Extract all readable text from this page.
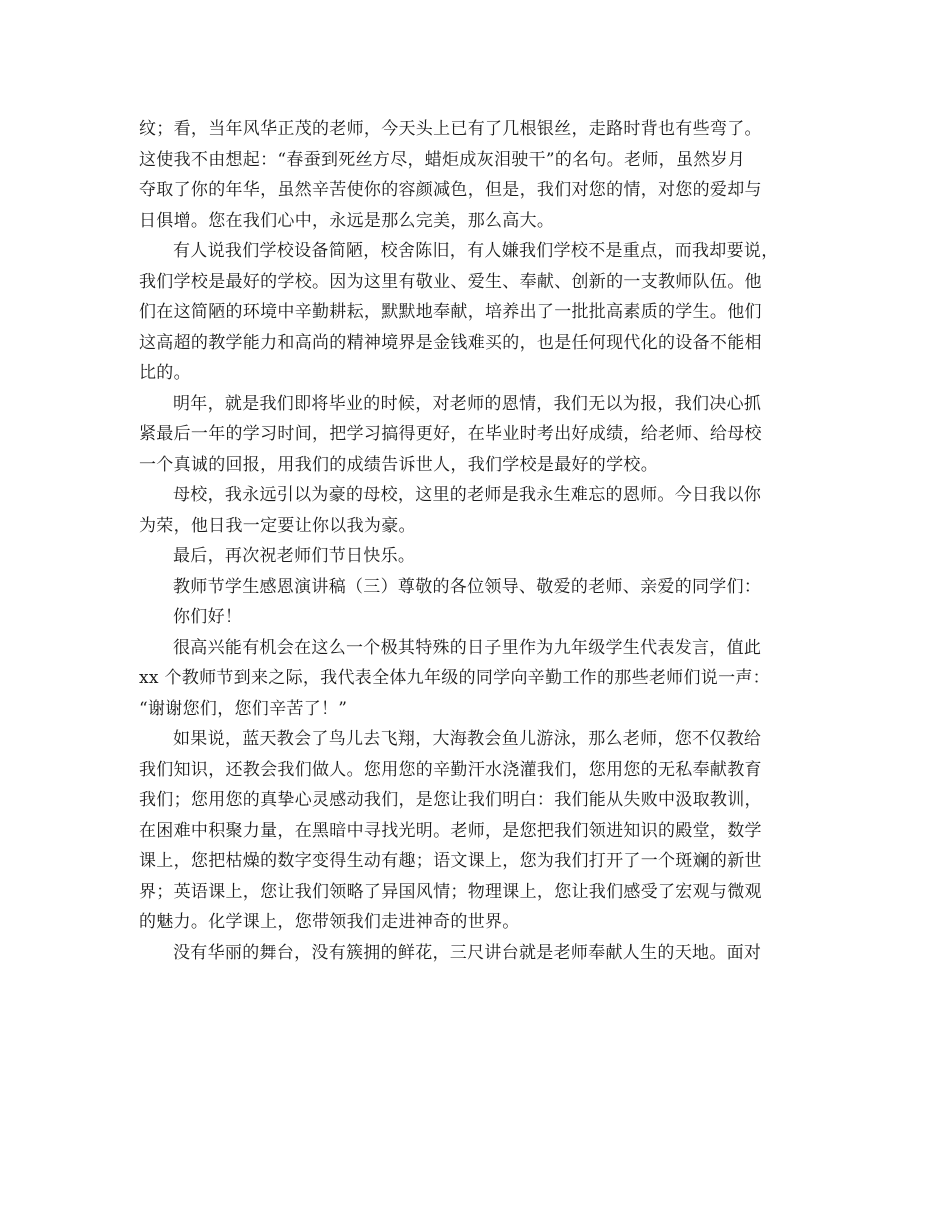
纹；看，当年风华正茂的老师，今天头上已有了几根银丝，走路时背也有些弯了。
这使我不由想起：“春蚕到死丝方尽，蜡炬成灰泪驶干”的名句。老师，虽然岁月
夺取了你的年华，虽然辛苦使你的容颜减色，但是，我们对您的情，对您的爱却与
日俱增。您在我们心中，永远是那么完美，那么高大。
有人说我们学校设备简陋，校舍陈旧，有人嫌我们学校不是重点，而我却要说，
我们学校是最好的学校。因为这里有敬业、爱生、奉献、创新的一支教师队伍。他
们在这简陋的环境中辛勤耕耘，默默地奉献，培养出了一批批高素质的学生。他们
这高超的教学能力和高尚的精神境界是金钱难买的，也是任何现代化的设备不能相
比的。
明年，就是我们即将毕业的时候，对老师的恩情，我们无以为报，我们决心抓
紧最后一年的学习时间，把学习搞得更好，在毕业时考出好成绩，给老师、给母校
一个真诚的回报，用我们的成绩告诉世人，我们学校是最好的学校。
母校，我永远引以为豪的母校，这里的老师是我永生难忘的恩师。今日我以你
为荣，他日我一定要让你以我为豪。
最后，再次祝老师们节日快乐。
教师节学生感恩演讲稿（三）尊敬的各位领导、敬爱的老师、亲爱的同学们：
你们好！
很高兴能有机会在这么一个极其特殊的日子里作为九年级学生代表发言，值此
xx 个教师节到来之际，我代表全体九年级的同学向辛勤工作的那些老师们说一声：
“谢谢您们，您们辛苦了！”
如果说，蓝天教会了鸟儿去飞翔，大海教会鱼儿游泳，那么老师，您不仅教给
我们知识，还教会我们做人。您用您的辛勤汗水浇灌我们，您用您的无私奉献教育
我们；您用您的真挚心灵感动我们，是您让我们明白：我们能从失败中汲取教训，
在困难中积聚力量，在黑暗中寻找光明。老师，是您把我们领进知识的殿堂，数学
课上，您把枯燥的数字变得生动有趣；语文课上，您为我们打开了一个斑斓的新世
界；英语课上，您让我们领略了异国风情；物理课上，您让我们感受了宏观与微观
的魅力。化学课上，您带领我们走进神奇的世界。
没有华丽的舞台，没有簇拥的鲜花，三尺讲台就是老师奉献人生的天地。面对
